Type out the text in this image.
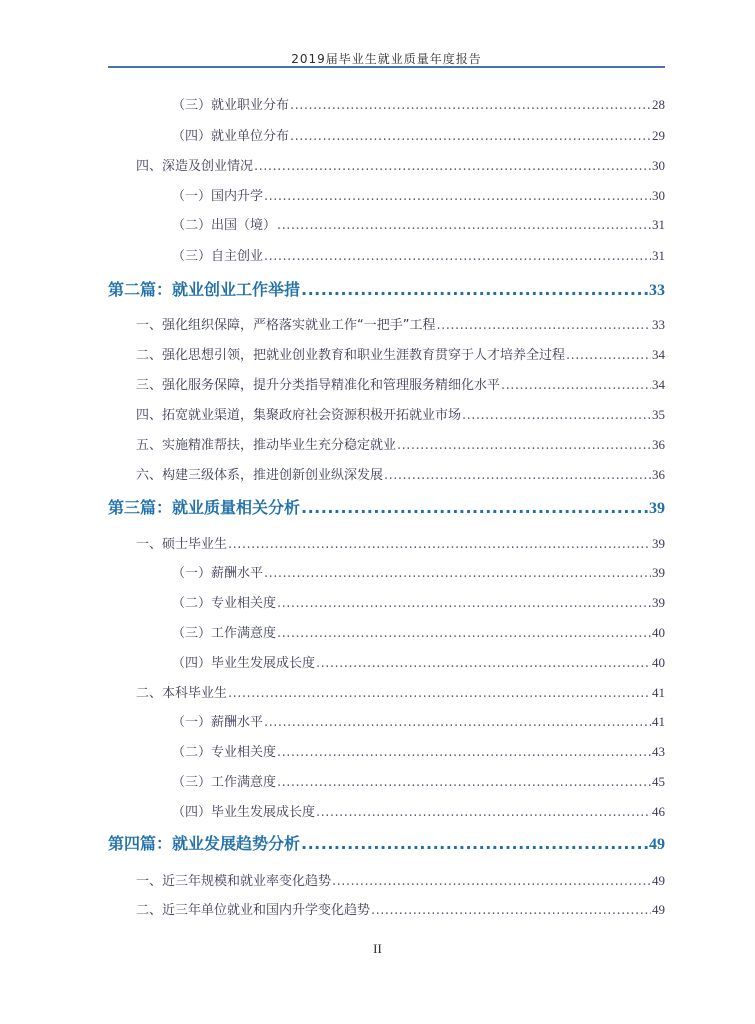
2019届毕业生就业质量年度报告
（三）就业职业分布 .....	28
（四）就业单位分布 .....	29
四、深造及创业情况 .....	30
（一）国内升学 .....	30
（二）出国（境） .....	31
（三）自主创业 .....	31
第二篇：就业创业工作举措 .....	33
一、强化组织保障，严格落实就业工作“一把手”工程 .....	33
二、强化思想引领，把就业创业教育和职业生涯教育贯穿于人才培养全过程 .....	34
三、强化服务保障，提升分类指导精准化和管理服务精细化水平 .....	34
四、拓宽就业渠道，集聚政府社会资源积极开拓就业市场 .....	35
五、实施精准帮扶，推动毕业生充分稳定就业 .....	36
六、构建三级体系，推进创新创业纵深发展 .....	36
第三篇：就业质量相关分析 .....	39
一、硕士毕业生 .....	39
（一）薪酬水平 .....	39
（二）专业相关度 .....	39
（三）工作满意度 .....	40
（四）毕业生发展成长度 .....	40
二、本科毕业生 .....	41
（一）薪酬水平 .....	41
（二）专业相关度 .....	43
（三）工作满意度 .....	45
（四）毕业生发展成长度 .....	46
第四篇：就业发展趋势分析 .....	49
一、近三年规模和就业率变化趋势 .....	49
二、近三年单位就业和国内升学变化趋势 .....	49
II
